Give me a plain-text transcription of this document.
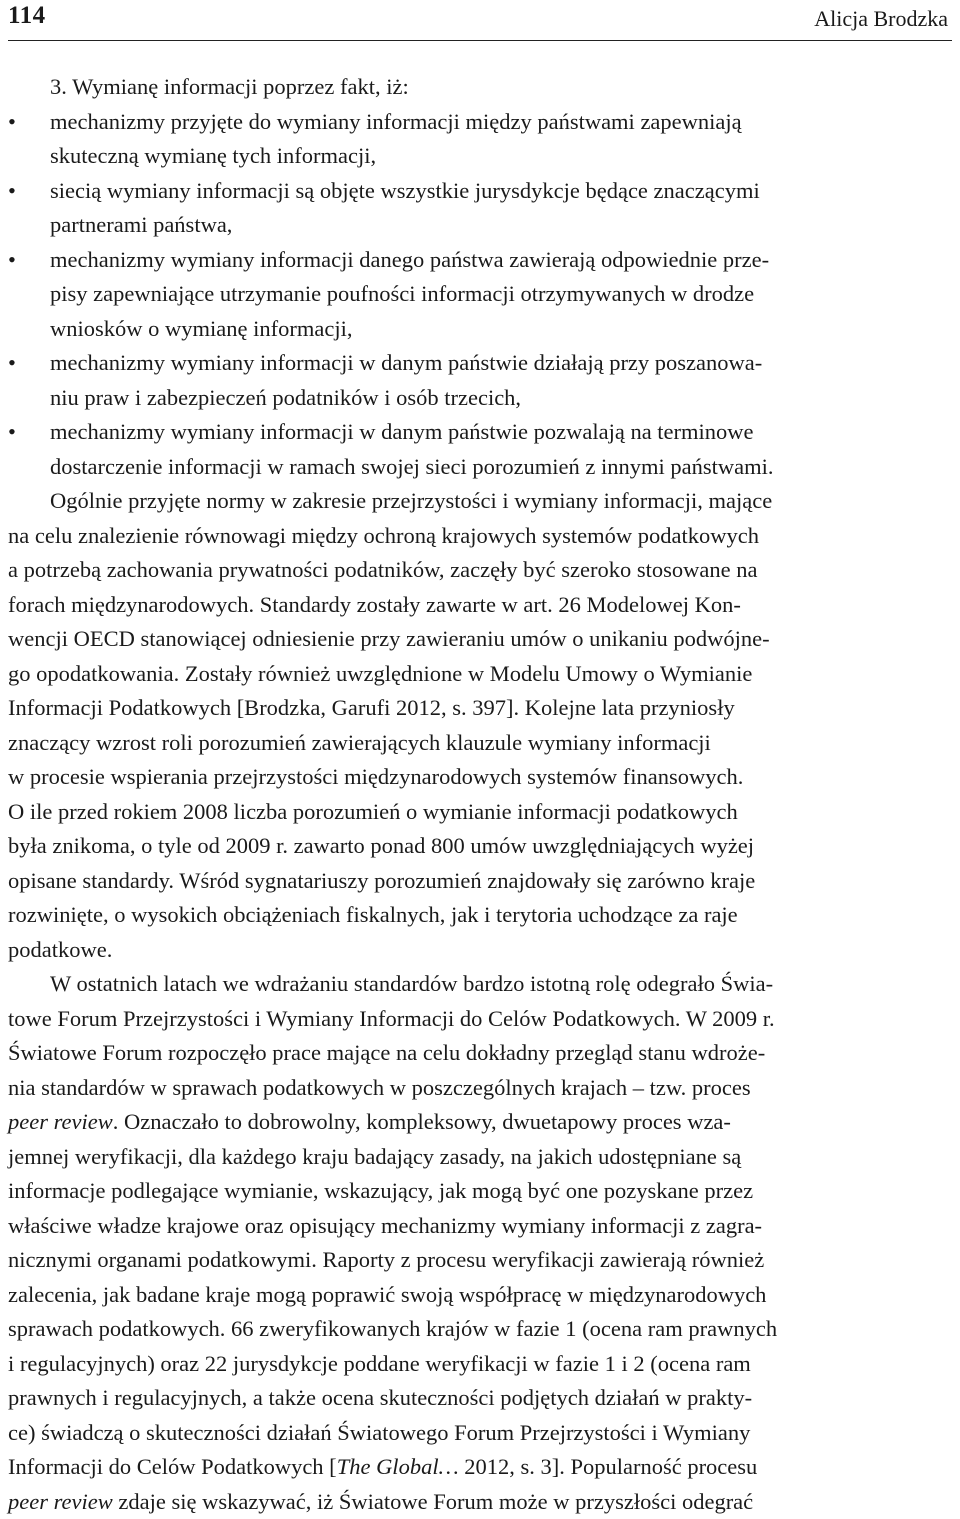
114	Alicja Brodzka
3. Wymianę informacji poprzez fakt, iż:
•	mechanizmy przyjęte do wymiany informacji między państwami zapewniają
skuteczną wymianę tych informacji,
•	siecią wymiany informacji są objęte wszystkie jurysdykcje będące znaczącymi
partnerami państwa,
•	mechanizmy wymiany informacji danego państwa zawierają odpowiednie prze-
pisy zapewniające utrzymanie poufności informacji otrzymywanych w drodze
wniosków o wymianę informacji,
•	mechanizmy wymiany informacji w danym państwie działają przy poszanowa-
niu praw i zabezpieczeń podatników i osób trzecich,
•	mechanizmy wymiany informacji w danym państwie pozwalają na terminowe
dostarczenie informacji w ramach swojej sieci porozumień z innymi państwami.
Ogólnie przyjęte normy w zakresie przejrzystości i wymiany informacji, mające
na celu znalezienie równowagi między ochroną krajowych systemów podatkowych
a potrzebą zachowania prywatności podatników, zaczęły być szeroko stosowane na
forach międzynarodowych. Standardy zostały zawarte w art. 26 Modelowej Kon-
wencji OECD stanowiącej odniesienie przy zawieraniu umów o unikaniu podwójne-
go opodatkowania. Zostały również uwzględnione w Modelu Umowy o Wymianie
Informacji Podatkowych [Brodzka, Garufi 2012, s. 397]. Kolejne lata przyniosły
znaczący wzrost roli porozumień zawierających klauzule wymiany informacji
w procesie wspierania przejrzystości międzynarodowych systemów finansowych.
O ile przed rokiem 2008 liczba porozumień o wymianie informacji podatkowych
była znikoma, o tyle od 2009 r. zawarto ponad 800 umów uwzględniających wyżej
opisane standardy. Wśród sygnatariuszy porozumień znajdowały się zarówno kraje
rozwinięte, o wysokich obciążeniach fiskalnych, jak i terytoria uchodzące za raje
podatkowe.
W ostatnich latach we wdrażaniu standardów bardzo istotną rolę odegrało Świa-
towe Forum Przejrzystości i Wymiany Informacji do Celów Podatkowych. W 2009 r.
Światowe Forum rozpoczęło prace mające na celu dokładny przegląd stanu wdroże-
nia standardów w sprawach podatkowych w poszczególnych krajach – tzw. proces
peer review. Oznaczało to dobrowolny, kompleksowy, dwuetapowy proces wza-
jemnej weryfikacji, dla każdego kraju badający zasady, na jakich udostępniane są
informacje podlegające wymianie, wskazujący, jak mogą być one pozyskane przez
właściwe władze krajowe oraz opisujący mechanizmy wymiany informacji z zagra-
nicznymi organami podatkowymi. Raporty z procesu weryfikacji zawierają również
zalecenia, jak badane kraje mogą poprawić swoją współpracę w międzynarodowych
sprawach podatkowych. 66 zweryfikowanych krajów w fazie 1 (ocena ram prawnych
i regulacyjnych) oraz 22 jurysdykcje poddane weryfikacji w fazie 1 i 2 (ocena ram
prawnych i regulacyjnych, a także ocena skuteczności podjętych działań w prakty-
ce) świadczą o skuteczności działań Światowego Forum Przejrzystości i Wymiany
Informacji do Celów Podatkowych [The Global… 2012, s. 3]. Popularność procesu
peer review zdaje się wskazywać, iż Światowe Forum może w przyszłości odegrać
